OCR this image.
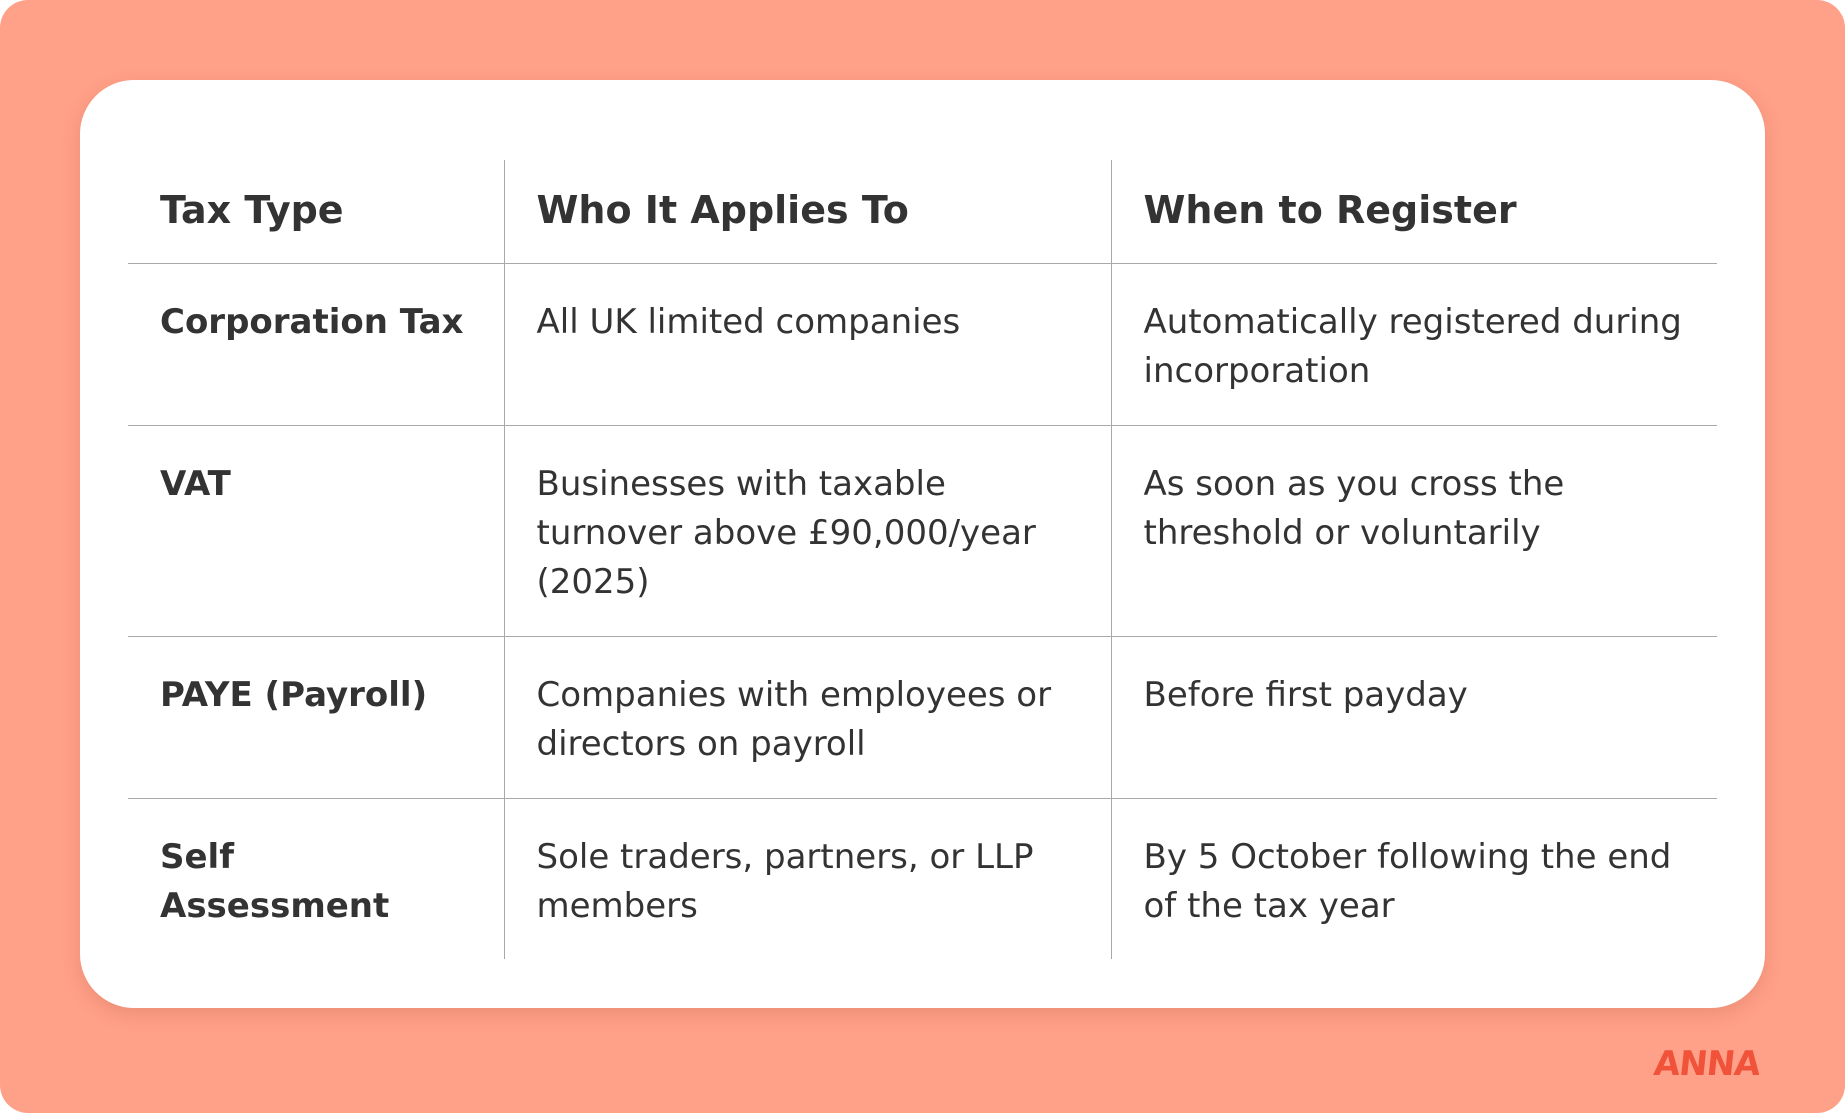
Tax Type	Who It Applies To	When to Register
Corporation Tax	All UK limited companies	Automatically registered during incorporation
VAT	Businesses with taxable turnover above £90,000/year (2025)	As soon as you cross the threshold or voluntarily
PAYE (Payroll)	Companies with employees or directors on payroll	Before first payday
Self Assessment	Sole traders, partners, or LLP members	By 5 October following the end of the tax year
ANNA
